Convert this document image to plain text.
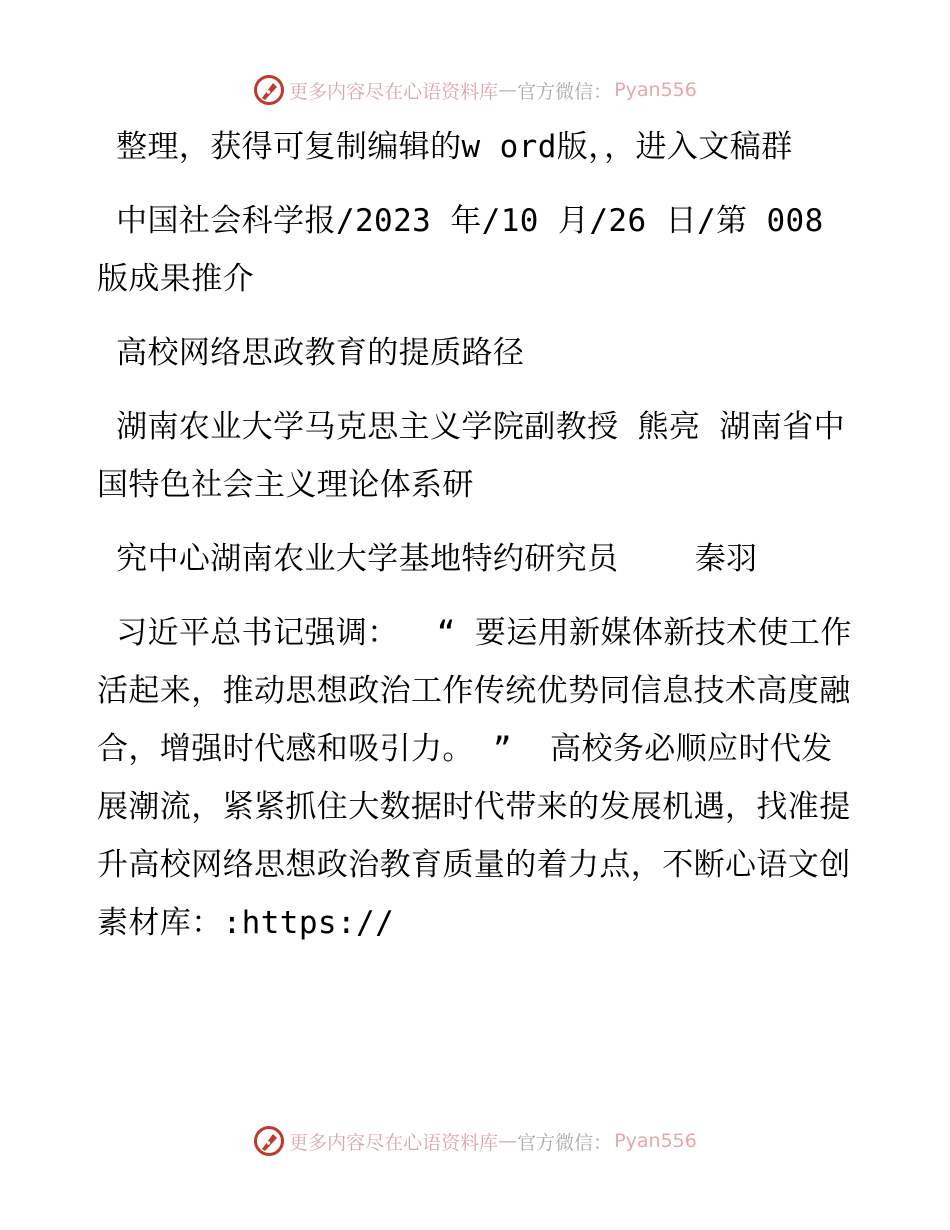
更多内容尽在心语资料库 — 官方微信： Pyan556

整理，获得可复制编辑的w ord版，，进入文稿群

中国社会科学报/2023 年/10 月/26 日/第 008 版成果推介

高校网络思政教育的提质路径

湖南农业大学马克思主义学院副教授 熊亮 湖南省中国特色社会主义理论体系研

究中心湖南农业大学基地特约研究员    秦羽

习近平总书记强调：  “ 要运用新媒体新技术使工作活起来，推动思想政治工作传统优势同信息技术高度融合，增强时代感和吸引力。 ”  高校务必顺应时代发展潮流，紧紧抓住大数据时代带来的发展机遇，找准提升高校网络思想政治教育质量的着力点，不断心语文创素材库：:https://

更多内容尽在心语资料库 — 官方微信： Pyan556
